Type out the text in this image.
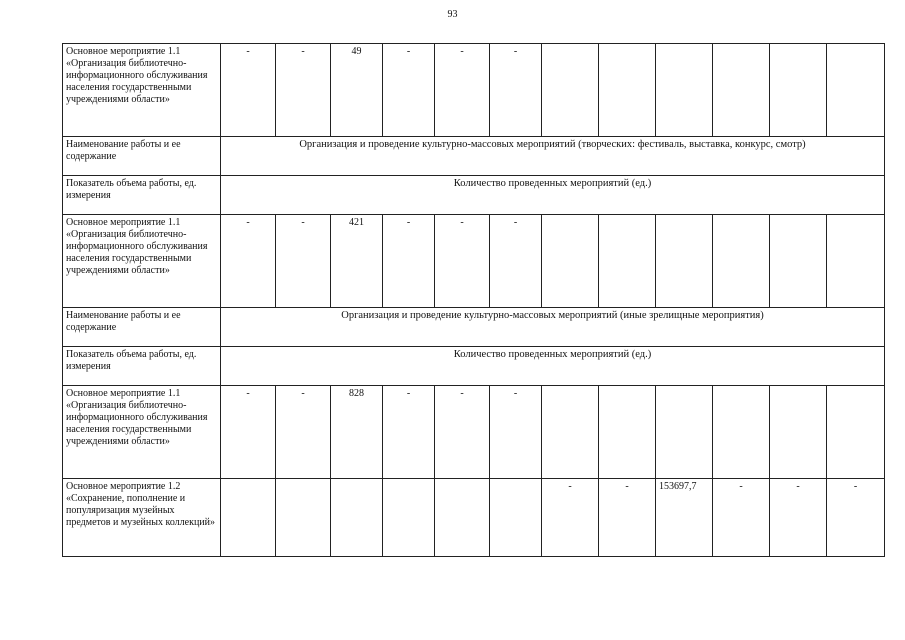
93
Основное мероприятие 1.1 «Организация библиотечно-информационного обслуживания населения государственными учреждениями области»	-	-	49	-	-	-						
Наименование работы и ее содержание	Организация и проведение культурно-массовых мероприятий (творческих: фестиваль, выставка, конкурс, смотр)											
Показатель объема работы, ед. измерения	Количество проведенных мероприятий (ед.)											
Основное мероприятие 1.1 «Организация библиотечно-информационного обслуживания населения государственными учреждениями области»	-	-	421	-	-	-						
Наименование работы и ее содержание	Организация и проведение культурно-массовых мероприятий (иные зрелищные мероприятия)											
Показатель объема работы, ед. измерения	Количество проведенных мероприятий (ед.)											
Основное мероприятие 1.1 «Организация библиотечно-информационного обслуживания населения государственными учреждениями области»	-	-	828	-	-	-						
Основное мероприятие 1.2 «Сохранение, пополнение и популяризация музейных предметов и музейных коллекций»							-	-	153697,7	-	-	-
